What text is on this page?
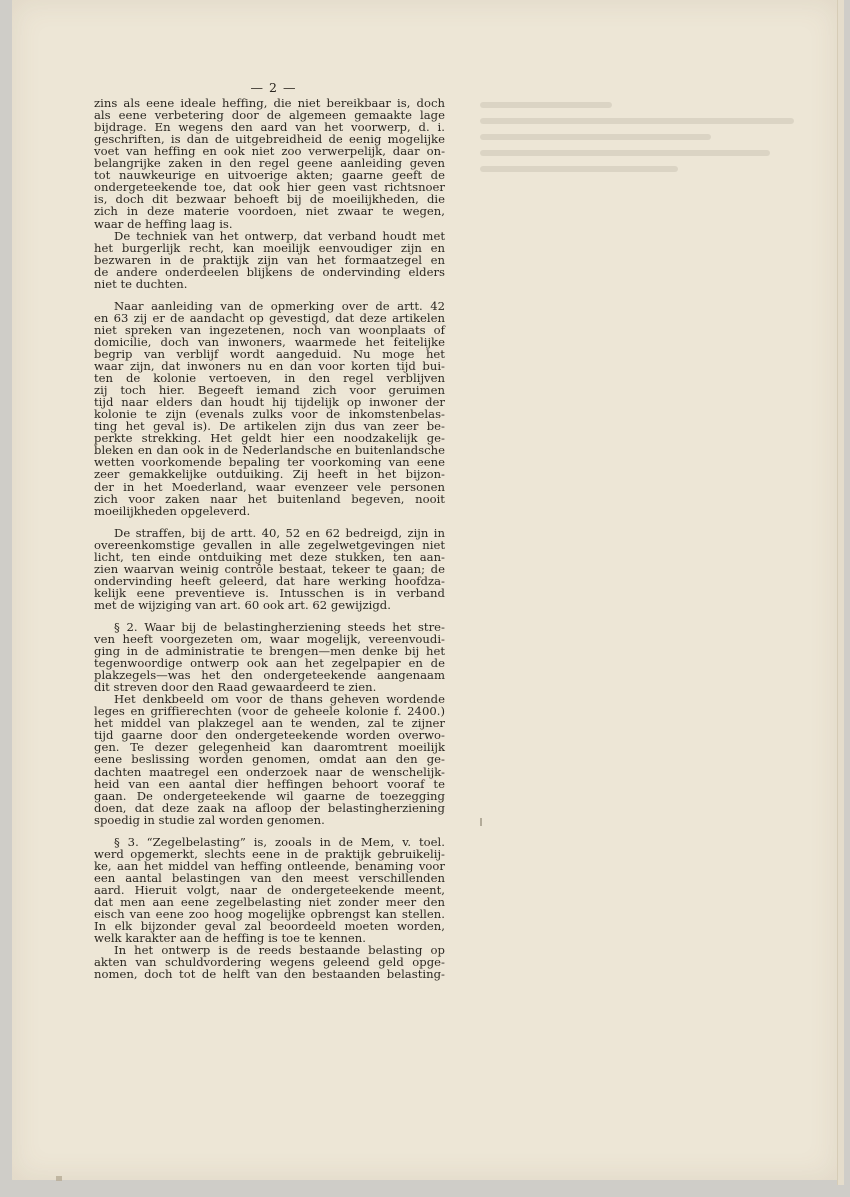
— 2 —
zins als eene ideale heffing, die niet bereikbaar is, doch
als eene verbetering door de algemeen gemaakte lage
bijdrage. En wegens den aard van het voorwerp, d. i.
geschriften, is dan de uitgebreidheid de eenig mogelijke
voet van heffing en ook niet zoo verwerpelijk, daar on-
belangrijke zaken in den regel geene aanleiding geven
tot nauwkeurige en uitvoerige akten; gaarne geeft de
ondergeteekende toe, dat ook hier geen vast richtsnoer
is, doch dit bezwaar behoeft bij de moeilijkheden, die
zich in deze materie voordoen, niet zwaar te wegen,
waar de heffing laag is.
De techniek van het ontwerp, dat verband houdt met
het burgerlijk recht, kan moeilijk eenvoudiger zijn en
bezwaren in de praktijk zijn van het formaatzegel en
de andere onderdeelen blijkens de ondervinding elders
niet te duchten.
Naar aanleiding van de opmerking over de artt. 42
en 63 zij er de aandacht op gevestigd, dat deze artikelen
niet spreken van ingezetenen, noch van woonplaats of
domicilie, doch van inwoners, waarmede het feitelijke
begrip van verblijf wordt aangeduid. Nu moge het
waar zijn, dat inwoners nu en dan voor korten tijd bui-
ten de kolonie vertoeven, in den regel verblijven
zij toch hier. Begeeft iemand zich voor geruimen
tijd naar elders dan houdt hij tijdelijk op inwoner der
kolonie te zijn (evenals zulks voor de inkomstenbelas-
ting het geval is). De artikelen zijn dus van zeer be-
perkte strekking. Het geldt hier een noodzakelijk ge-
bleken en dan ook in de Nederlandsche en buitenlandsche
wetten voorkomende bepaling ter voorkoming van eene
zeer gemakkelijke outduiking. Zij heeft in het bijzon-
der in het Moederland, waar evenzeer vele personen
zich voor zaken naar het buitenland begeven, nooit
moeilijkheden opgeleverd.
De straffen, bij de artt. 40, 52 en 62 bedreigd, zijn in
overeenkomstige gevallen in alle zegelwetgevingen niet
licht, ten einde ontduiking met deze stukken, ten aan-
zien waarvan weinig contrôle bestaat, tekeer te gaan; de
ondervinding heeft geleerd, dat hare werking hoofdza-
kelijk eene preventieve is. Intusschen is in verband
met de wijziging van art. 60 ook art. 62 gewijzigd.
§ 2. Waar bij de belastingherziening steeds het stre-
ven heeft voorgezeten om, waar mogelijk, vereenvoudi-
ging in de administratie te brengen—men denke bij het
tegenwoordige ontwerp ook aan het zegelpapier en de
plakzegels—was het den ondergeteekende aangenaam
dit streven door den Raad gewaardeerd te zien.
Het denkbeeld om voor de thans geheven wordende
leges en griffierechten (voor de geheele kolonie f. 2400.)
het middel van plakzegel aan te wenden, zal te zijner
tijd gaarne door den ondergeteekende worden overwo-
gen. Te dezer gelegenheid kan daaromtrent moeilijk
eene beslissing worden genomen, omdat aan den ge-
dachten maatregel een onderzoek naar de wenschelijk-
heid van een aantal dier heffingen behoort vooraf te
gaan. De ondergeteekende wil gaarne de toezegging
doen, dat deze zaak na afloop der belastingherziening
spoedig in studie zal worden genomen.
§ 3. “Zegelbelasting” is, zooals in de Mem, v. toel.
werd opgemerkt, slechts eene in de praktijk gebruikelij-
ke, aan het middel van heffing ontleende, benaming voor
een aantal belastingen van den meest verschillenden
aard. Hieruit volgt, naar de ondergeteekende meent,
dat men aan eene zegelbelasting niet zonder meer den
eisch van eene zoo hoog mogelijke opbrengst kan stellen.
In elk bijzonder geval zal beoordeeld moeten worden,
welk karakter aan de heffing is toe te kennen.
In het ontwerp is de reeds bestaande belasting op
akten van schuldvordering wegens geleend geld opge-
nomen, doch tot de helft van den bestaanden belasting-
